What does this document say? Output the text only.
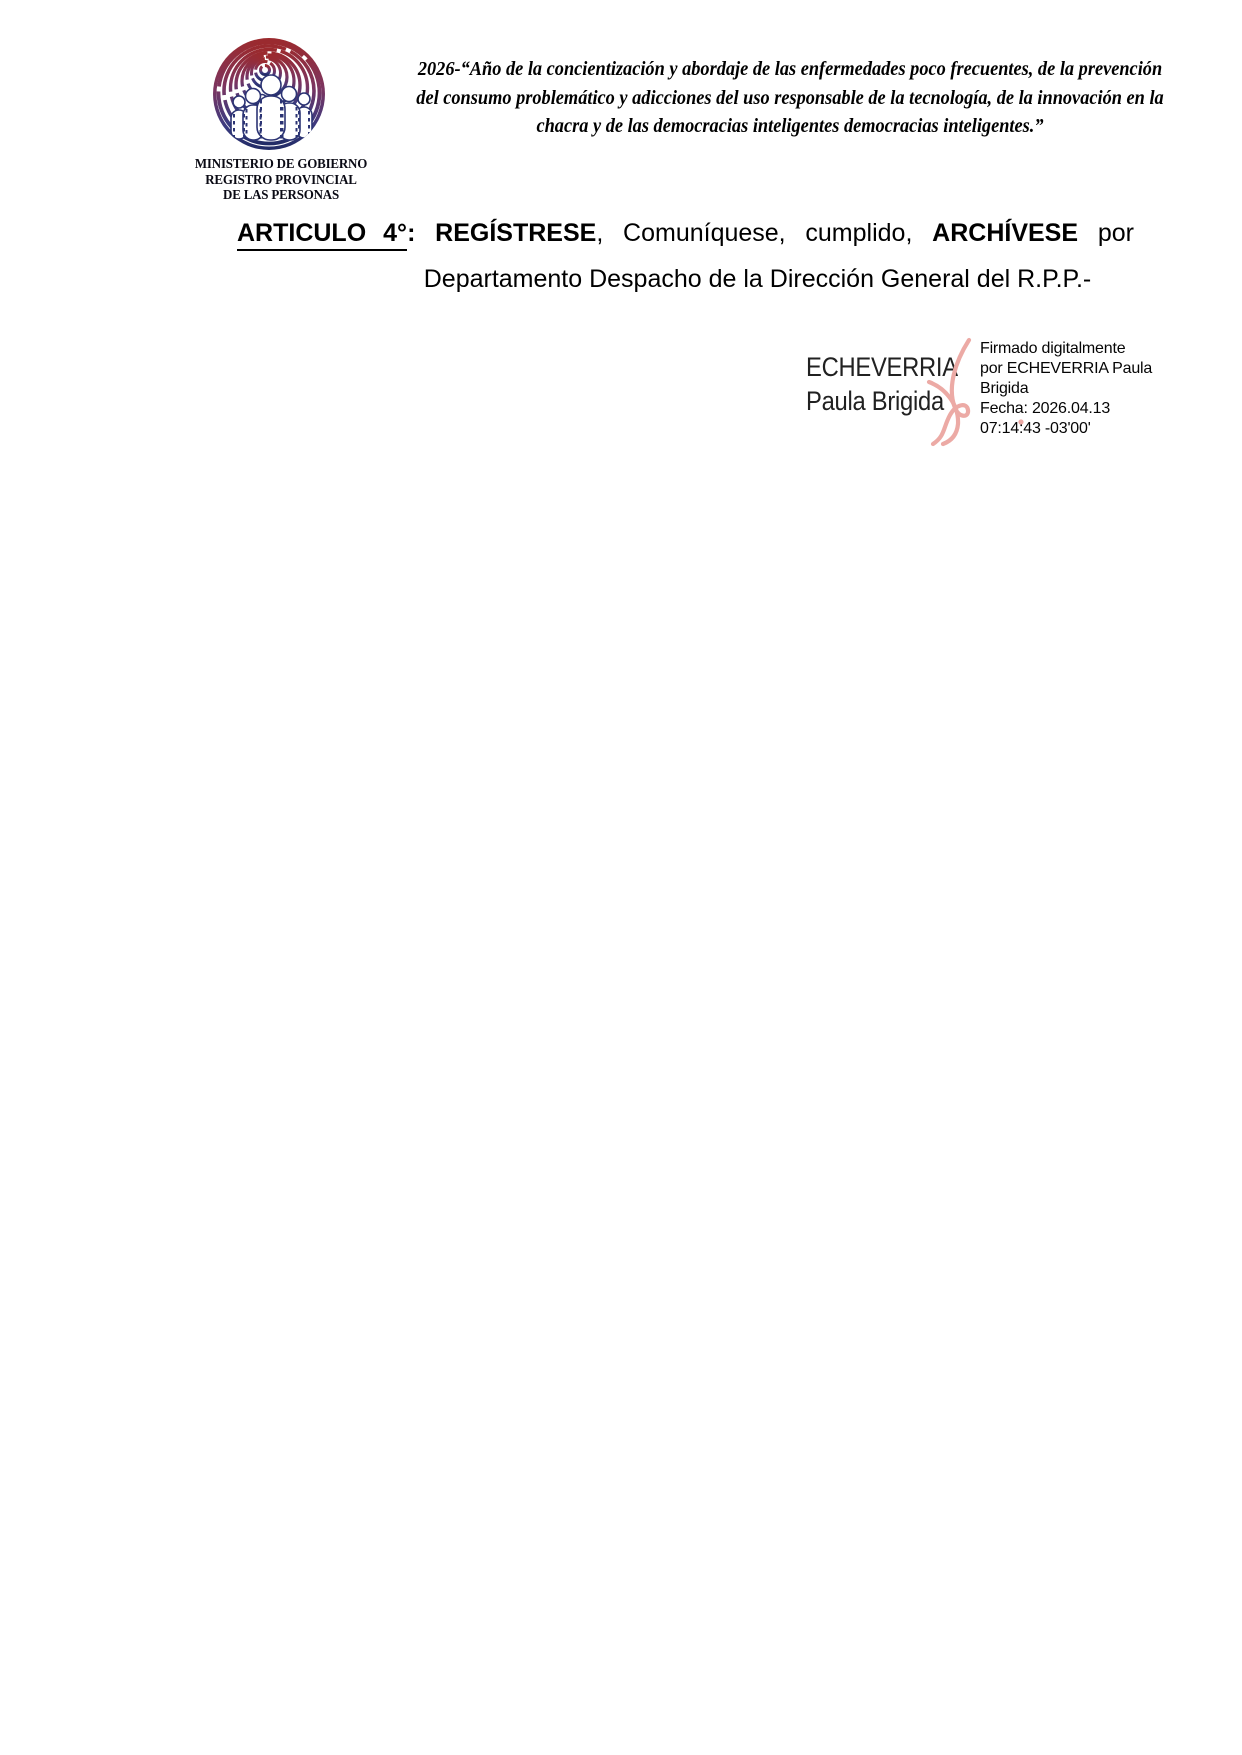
MINISTERIO DE GOBIERNO
REGISTRO PROVINCIAL
DE LAS PERSONAS
2026-“Año de la concientización y abordaje de las enfermedades poco frecuentes, de la prevención
del consumo problemático y adicciones del uso responsable de la tecnología, de la innovación en la
chacra y de las democracias inteligentes democracias inteligentes.”
ARTICULO 4°: REGÍSTRESE, Comuníquese, cumplido, ARCHÍVESE por
Departamento Despacho de la Dirección General del R.P.P.-
ECHEVERRIA
Paula Brigida
Firmado digitalmente
por ECHEVERRIA Paula
Brigida
Fecha: 2026.04.13
07:14:43 -03'00'
